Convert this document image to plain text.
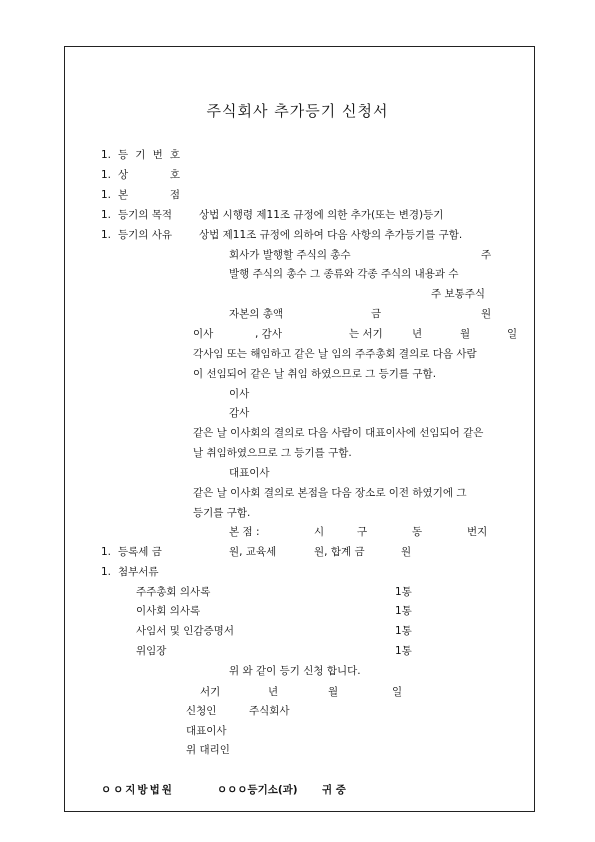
주식회사 추가등기 신청서
1. 등 기 번 호
1. 상	호
1. 본	점
1. 등기의 목적	상법 시행령 제11조 규정에 의한 추가(또는 변경)등기
1. 등기의 사유	상법 제11조 규정에 의하여 다음 사항의 추가등기를 구함.
회사가 발행할 주식의 총수	주
발행 주식의 총수 그 종류와 각종 주식의 내용과 수
주 보통주식
자본의 총액	금	원
이사	, 감사	는 서기	년	월	일
각사임 또는 해임하고 같은 날 임의 주주총회 결의로 다음 사람
이 선임되어 같은 날 취임 하였으므로 그 등기를 구함.
이사
감사
같은 날 이사회의 결의로 다음 사람이 대표이사에 선임되어 같은
날 취임하였으므로 그 등기를 구함.
대표이사
같은 날 이사회 결의로 본점을 다음 장소로 이전 하였기에 그
등기를 구함.
본 점 :	시	구	동	번지
1. 등록세 금	원, 교육세	원, 합계 금	원
1. 첨부서류
주주총회 의사록	1통
이사회 의사록	1통
사임서 및 인감증명서	1통
위임장	1통
위 와 같이 등기 신청 합니다.
서기	년	월	일
신청인	주식회사
대표이사
위 대리인
ㅇㅇ지방법원	ㅇㅇㅇ등기소(과) 귀 중
